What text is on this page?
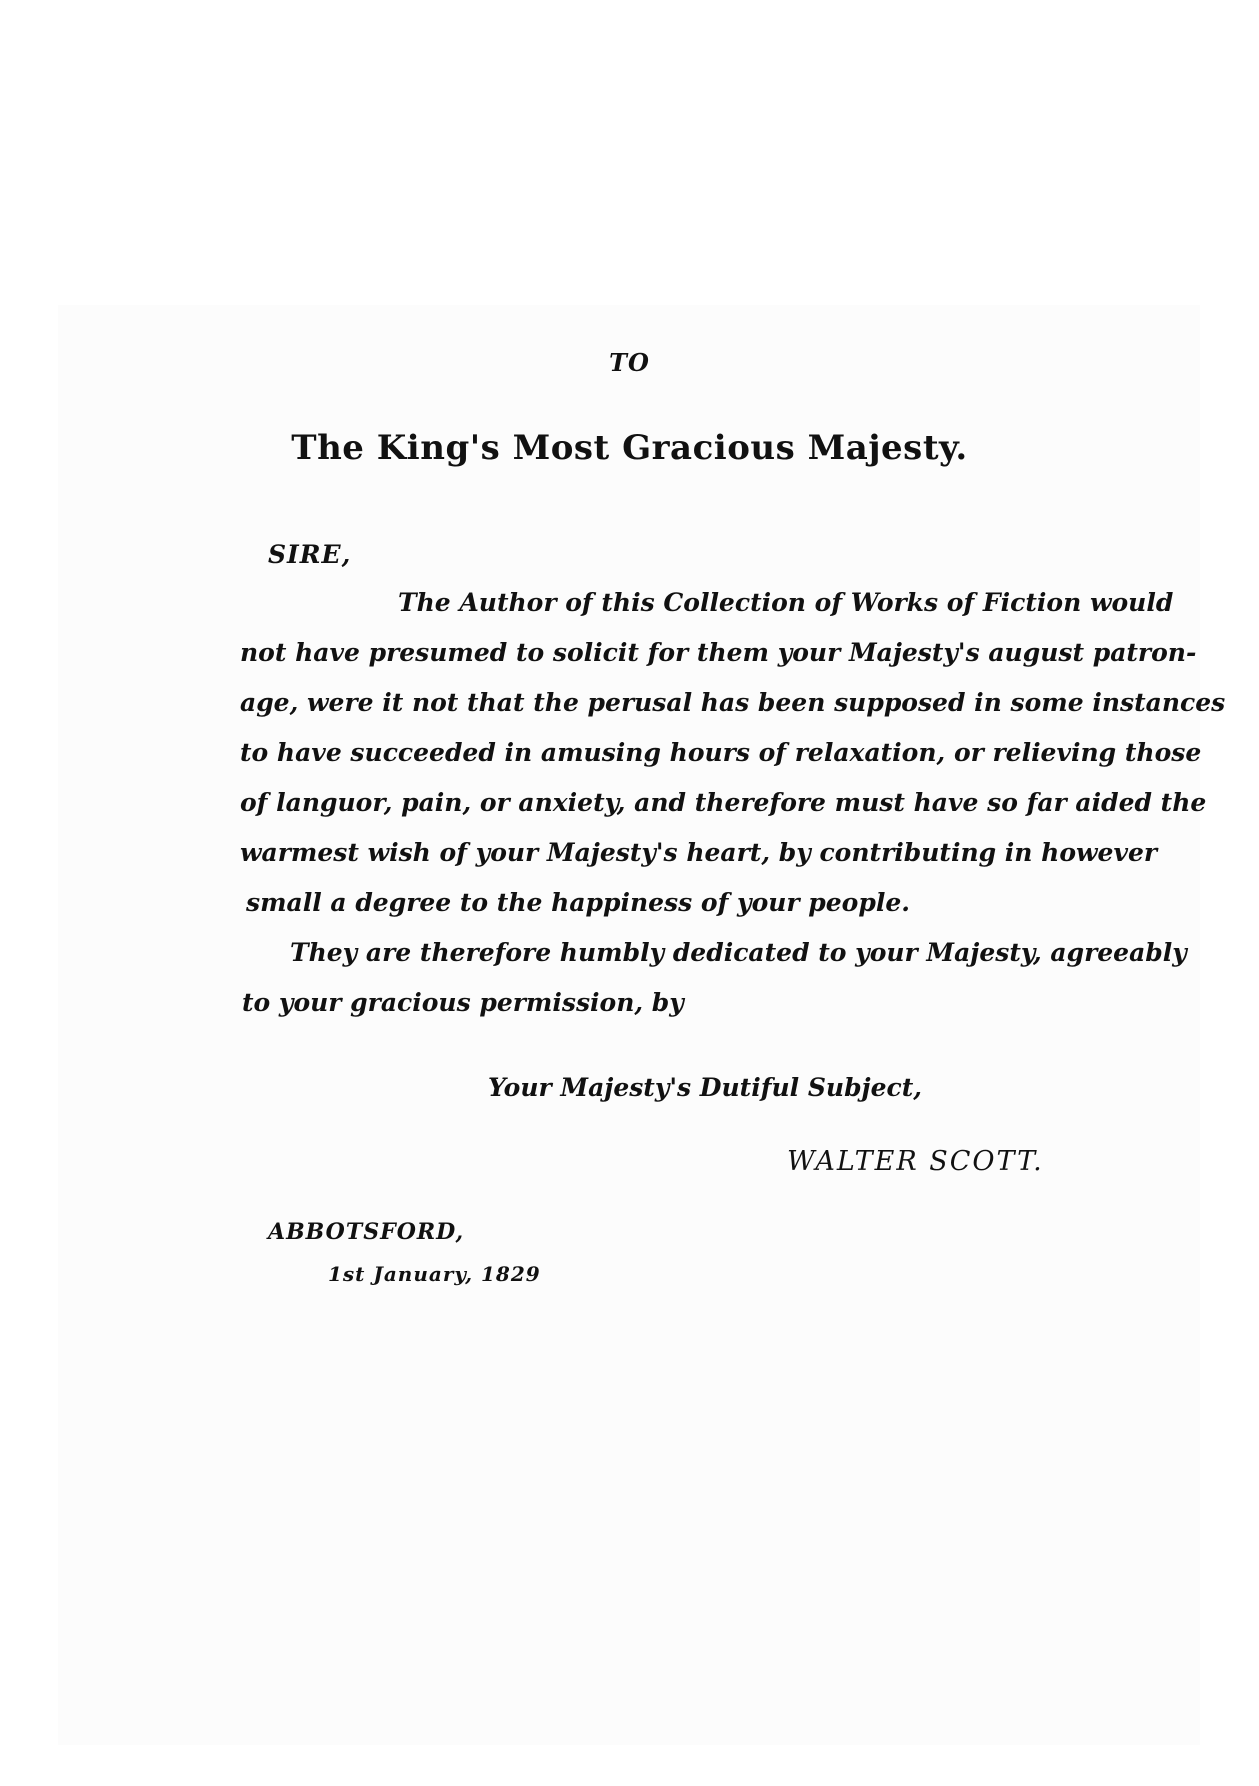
TO
The King's Most Gracious Majesty.
SIRE,
The Author of this Collection of Works of Fiction would
not have presumed to solicit for them your Majesty's august patron-
age, were it not that the perusal has been supposed in some instances
to have succeeded in amusing hours of relaxation, or relieving those
of languor, pain, or anxiety, and therefore must have so far aided the
warmest wish of your Majesty's heart, by contributing in however
small a degree to the happiness of your people.
They are therefore humbly dedicated to your Majesty, agreeably
to your gracious permission, by
Your Majesty's Dutiful Subject,
WALTER SCOTT.
ABBOTSFORD,
1st January, 1829
